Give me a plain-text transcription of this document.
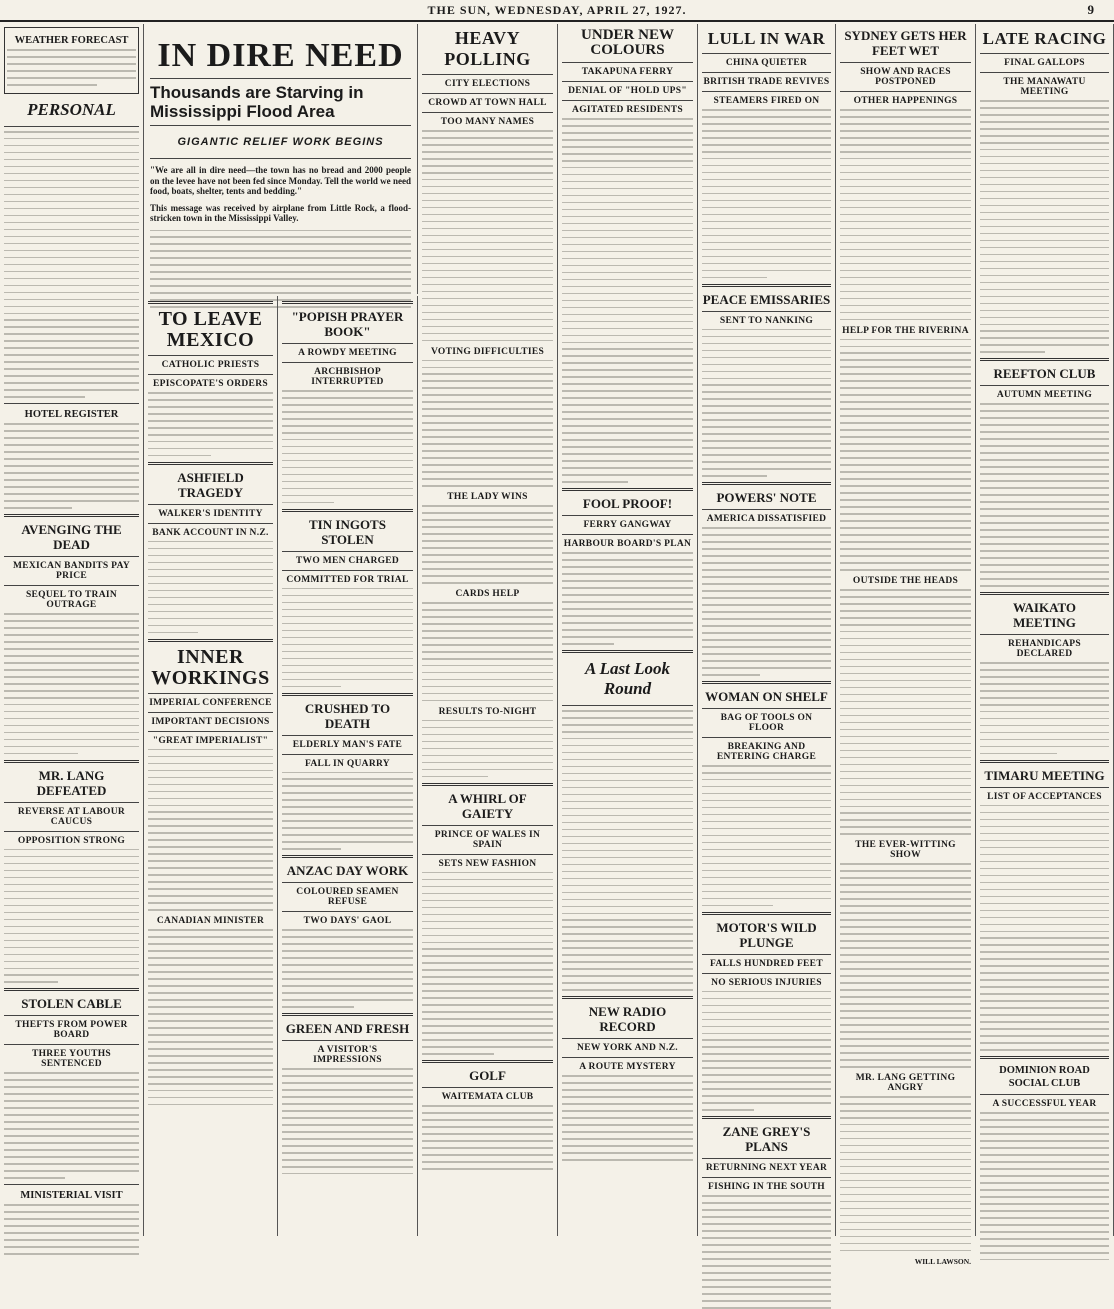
THE SUN, WEDNESDAY, APRIL 27, 1927.	9
WEATHER FORECAST
PERSONAL
HOTEL REGISTER
AVENGING THE DEAD
MEXICAN BANDITS PAY PRICE
SEQUEL TO TRAIN OUTRAGE
MR. LANG DEFEATED
REVERSE AT LABOUR CAUCUS
OPPOSITION STRONG
STOLEN CABLE
THEFTS FROM POWER BOARD
THREE YOUTHS SENTENCED
MINISTERIAL VISIT
IN DIRE NEED
Thousands are Starving in Mississippi Flood Area
GIGANTIC RELIEF WORK BEGINS

"We are all in dire need—the town has no bread and 2000 people on the levee have not been fed since Monday. Tell the world we need food, boats, shelter, tents and bedding."

This message was received by airplane from Little Rock, a flood-stricken town in the Mississippi Valley.

TO LEAVE MEXICO
CATHOLIC PRIESTS
EPISCOPATE'S ORDERS
ASHFIELD TRAGEDY
WALKER'S IDENTITY
BANK ACCOUNT IN N.Z.
INNER WORKINGS
IMPERIAL CONFERENCE
IMPORTANT DECISIONS
"GREAT IMPERIALIST"
CANADIAN MINISTER
"POPISH PRAYER BOOK"
A ROWDY MEETING
ARCHBISHOP INTERRUPTED
TIN INGOTS STOLEN
TWO MEN CHARGED
COMMITTED FOR TRIAL
CRUSHED TO DEATH
ELDERLY MAN'S FATE
FALL IN QUARRY
ANZAC DAY WORK
COLOURED SEAMEN REFUSE
TWO DAYS' GAOL
GREEN AND FRESH
A VISITOR'S IMPRESSIONS
HEAVY POLLING
CITY ELECTIONS
CROWD AT TOWN HALL
TOO MANY NAMES
VOTING DIFFICULTIES
THE LADY WINS
CARDS HELP
RESULTS TO-NIGHT
A WHIRL OF GAIETY
PRINCE OF WALES IN SPAIN
SETS NEW FASHION
GOLF
WAITEMATA CLUB
UNDER NEW COLOURS
TAKAPUNA FERRY
DENIAL OF "HOLD UPS"
AGITATED RESIDENTS
FOOL PROOF!
FERRY GANGWAY
HARBOUR BOARD'S PLAN
A Last Look Round
NEW RADIO RECORD
NEW YORK AND N.Z.
A ROUTE MYSTERY
LULL IN WAR
CHINA QUIETER
BRITISH TRADE REVIVES
STEAMERS FIRED ON
PEACE EMISSARIES
SENT TO NANKING
POWERS' NOTE
AMERICA DISSATISFIED
WOMAN ON SHELF
BAG OF TOOLS ON FLOOR
BREAKING AND ENTERING CHARGE
MOTOR'S WILD PLUNGE
FALLS HUNDRED FEET
NO SERIOUS INJURIES
ZANE GREY'S PLANS
RETURNING NEXT YEAR
FISHING IN THE SOUTH
SYDNEY GETS HER FEET WET
SHOW AND RACES POSTPONED
OTHER HAPPENINGS
HELP FOR THE RIVERINA
OUTSIDE THE HEADS
THE EVER-WITTING SHOW
MR. LANG GETTING ANGRY
WILL LAWSON.
LATE RACING
FINAL GALLOPS
THE MANAWATU MEETING
REEFTON CLUB
AUTUMN MEETING
WAIKATO MEETING
REHANDICAPS DECLARED
TIMARU MEETING
LIST OF ACCEPTANCES
DOMINION ROAD SOCIAL CLUB
A SUCCESSFUL YEAR
